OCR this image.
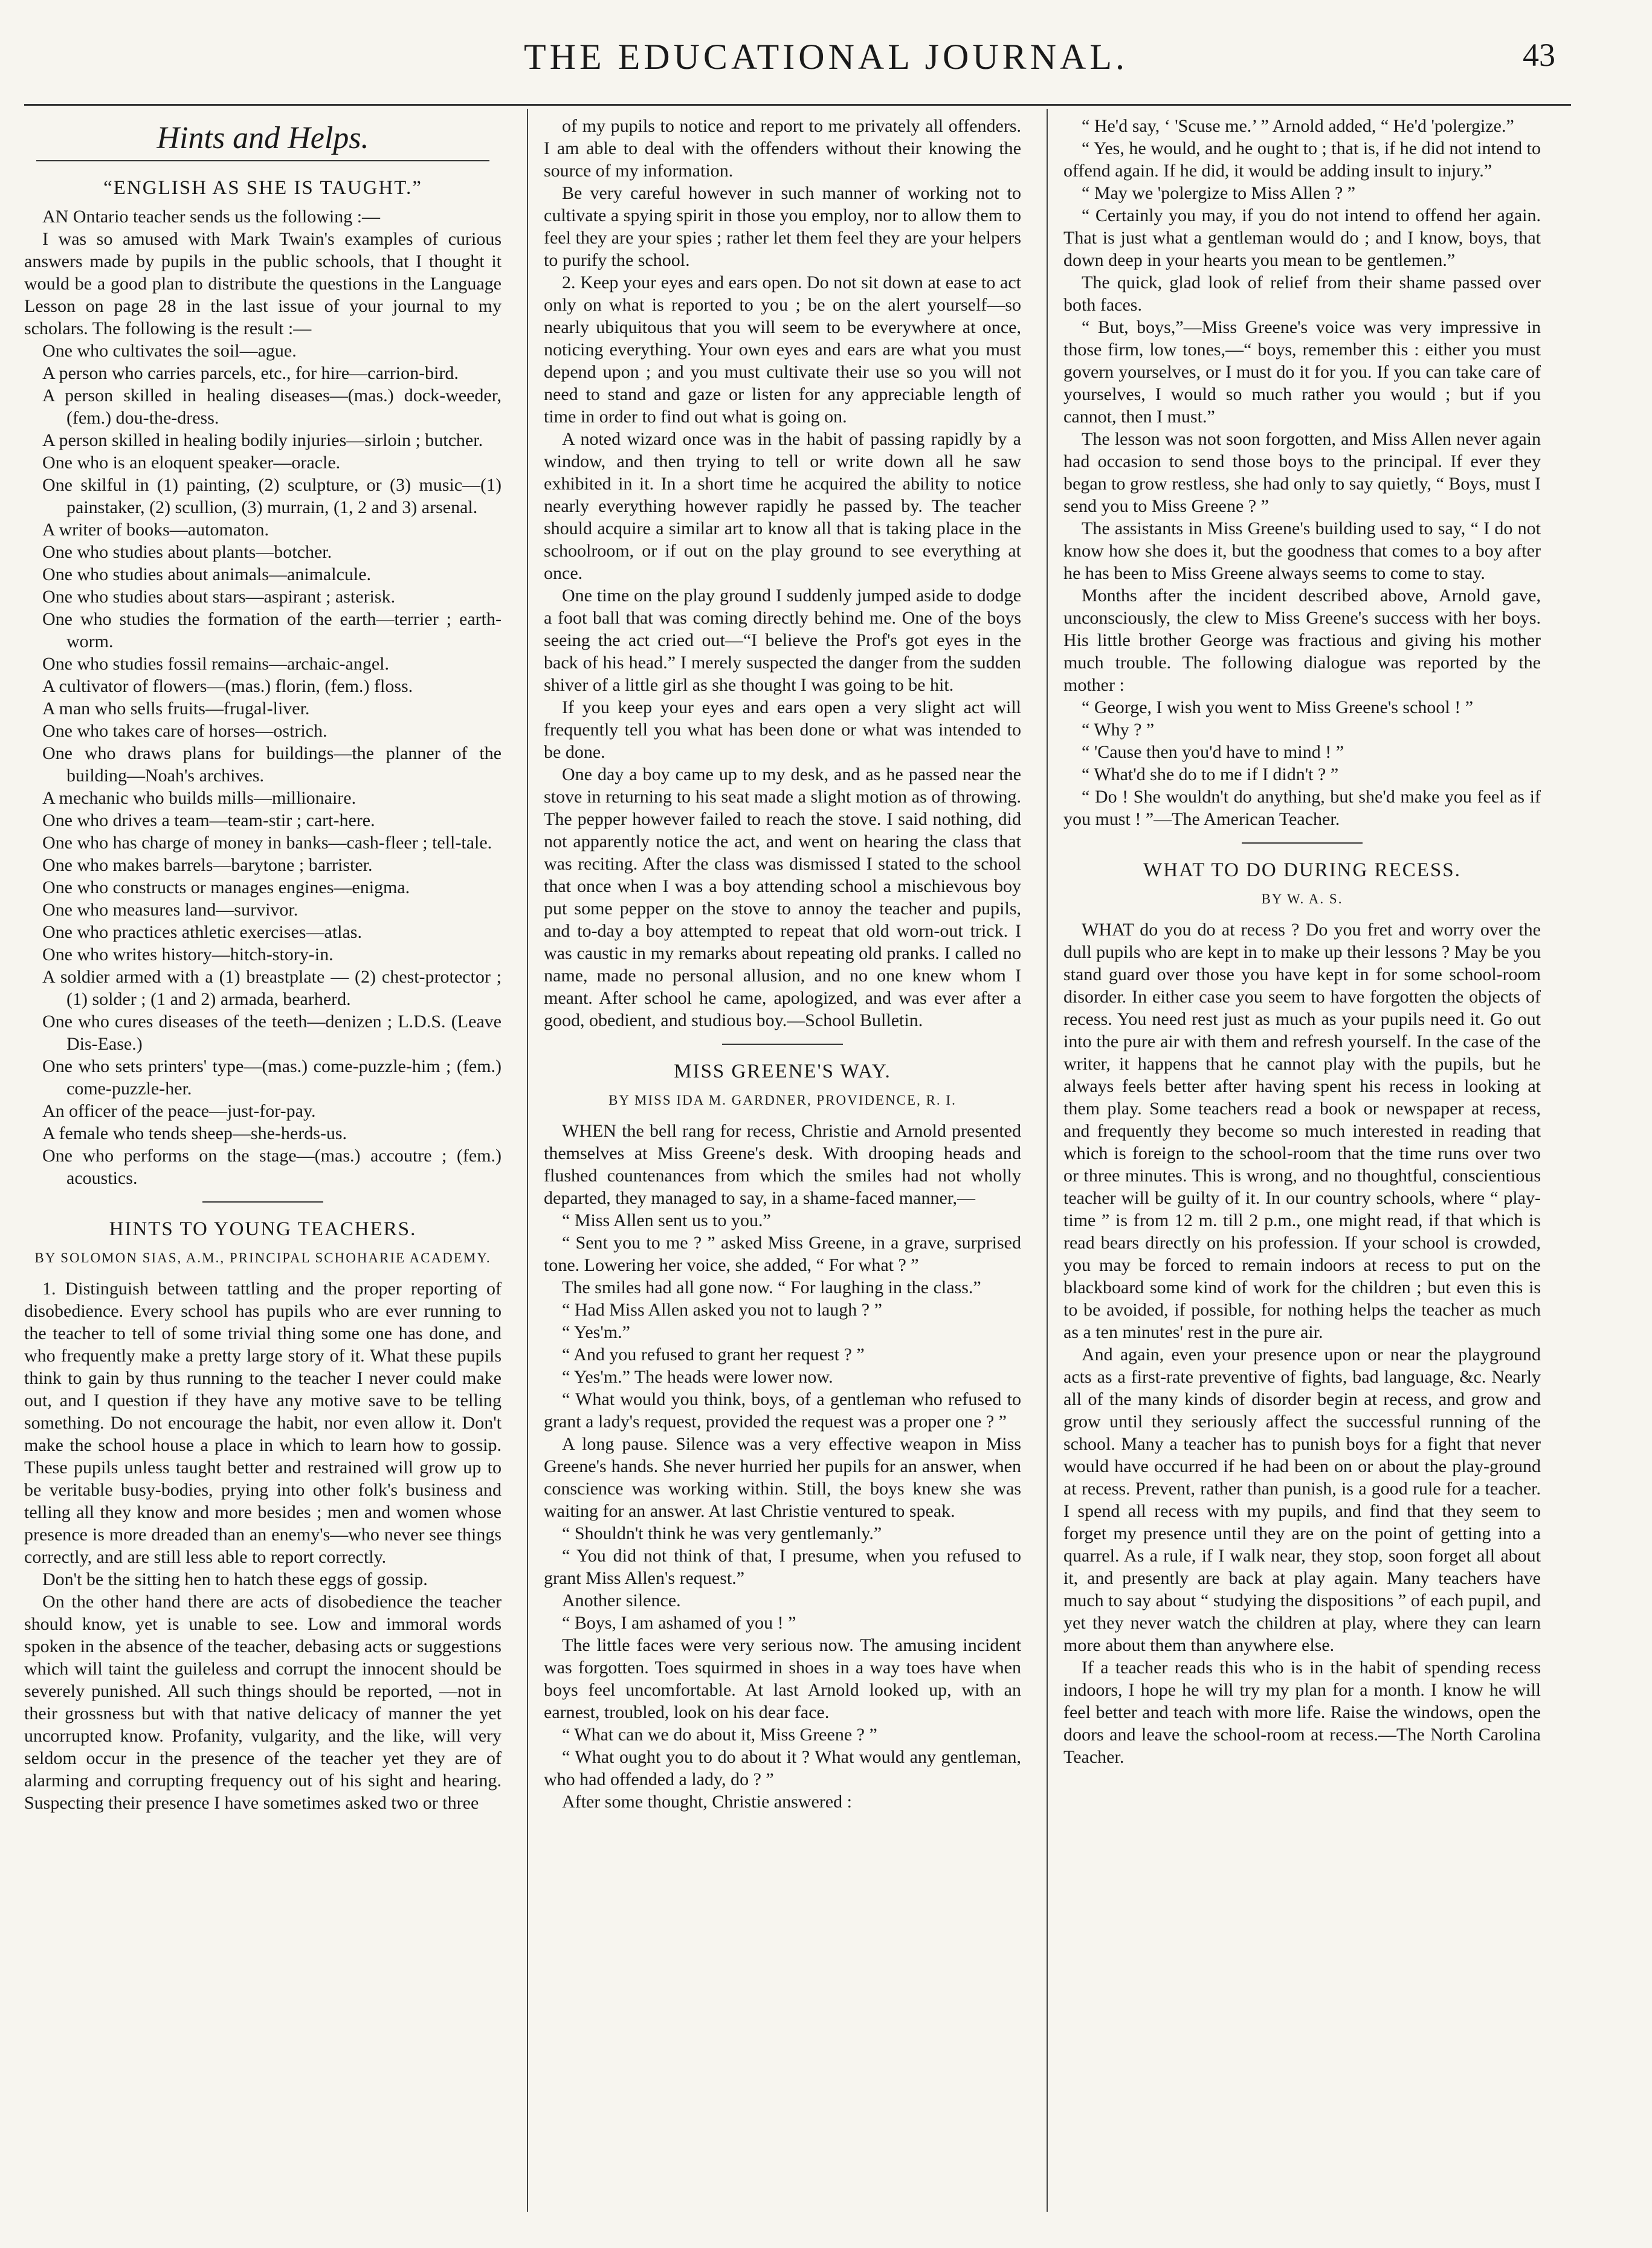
THE EDUCATIONAL JOURNAL.	43
Hints and Helps.
“ENGLISH AS SHE IS TAUGHT.”

AN Ontario teacher sends us the following :—

I was so amused with Mark Twain's examples of curious answers made by pupils in the public schools, that I thought it would be a good plan to distribute the questions in the Language Lesson on page 28 in the last issue of your journal to my scholars. The following is the result :—

One who cultivates the soil—ague.

A person who carries parcels, etc., for hire—carrion-bird.

A person skilled in healing diseases—(mas.) dock-weeder, (fem.) dou-the-dress.

A person skilled in healing bodily injuries—sirloin ; butcher.

One who is an eloquent speaker—oracle.

One skilful in (1) painting, (2) sculpture, or (3) music—(1) painstaker, (2) scullion, (3) murrain, (1, 2 and 3) arsenal.

A writer of books—automaton.

One who studies about plants—botcher.

One who studies about animals—animalcule.

One who studies about stars—aspirant ; asterisk.

One who studies the formation of the earth—terrier ; earth-worm.

One who studies fossil remains—archaic-angel.

A cultivator of flowers—(mas.) florin, (fem.) floss.

A man who sells fruits—frugal-liver.

One who takes care of horses—ostrich.

One who draws plans for buildings—the planner of the building—Noah's archives.

A mechanic who builds mills—millionaire.

One who drives a team—team-stir ; cart-here.

One who has charge of money in banks—cash-fleer ; tell-tale.

One who makes barrels—barytone ; barrister.

One who constructs or manages engines—enigma.

One who measures land—survivor.

One who practices athletic exercises—atlas.

One who writes history—hitch-story-in.

A soldier armed with a (1) breastplate — (2) chest-protector ; (1) solder ; (1 and 2) armada, bearherd.

One who cures diseases of the teeth—denizen ; L.D.S. (Leave Dis-Ease.)

One who sets printers' type—(mas.) come-puzzle-him ; (fem.) come-puzzle-her.

An officer of the peace—just-for-pay.

A female who tends sheep—she-herds-us.

One who performs on the stage—(mas.) accoutre ; (fem.) acoustics.

HINTS TO YOUNG TEACHERS.
BY SOLOMON SIAS, A.M., PRINCIPAL SCHOHARIE ACADEMY.

1. Distinguish between tattling and the proper reporting of disobedience. Every school has pupils who are ever running to the teacher to tell of some trivial thing some one has done, and who frequently make a pretty large story of it. What these pupils think to gain by thus running to the teacher I never could make out, and I question if they have any motive save to be telling something. Do not encourage the habit, nor even allow it. Don't make the school house a place in which to learn how to gossip. These pupils unless taught better and restrained will grow up to be veritable busy-bodies, prying into other folk's business and telling all they know and more besides ; men and women whose presence is more dreaded than an enemy's—who never see things correctly, and are still less able to report correctly.

Don't be the sitting hen to hatch these eggs of gossip.

On the other hand there are acts of disobedience the teacher should know, yet is unable to see. Low and immoral words spoken in the absence of the teacher, debasing acts or suggestions which will taint the guileless and corrupt the innocent should be severely punished. All such things should be reported, —not in their grossness but with that native delicacy of manner the yet uncorrupted know. Profanity, vulgarity, and the like, will very seldom occur in the presence of the teacher yet they are of alarming and corrupting frequency out of his sight and hearing. Suspecting their presence I have sometimes asked two or three

of my pupils to notice and report to me privately all offenders. I am able to deal with the offenders without their knowing the source of my information.

Be very careful however in such manner of working not to cultivate a spying spirit in those you employ, nor to allow them to feel they are your spies ; rather let them feel they are your helpers to purify the school.

2. Keep your eyes and ears open. Do not sit down at ease to act only on what is reported to you ; be on the alert yourself—so nearly ubiquitous that you will seem to be everywhere at once, noticing everything. Your own eyes and ears are what you must depend upon ; and you must cultivate their use so you will not need to stand and gaze or listen for any appreciable length of time in order to find out what is going on.

A noted wizard once was in the habit of passing rapidly by a window, and then trying to tell or write down all he saw exhibited in it. In a short time he acquired the ability to notice nearly everything however rapidly he passed by. The teacher should acquire a similar art to know all that is taking place in the schoolroom, or if out on the play ground to see everything at once.

One time on the play ground I suddenly jumped aside to dodge a foot ball that was coming directly behind me. One of the boys seeing the act cried out—“I believe the Prof's got eyes in the back of his head.” I merely suspected the danger from the sudden shiver of a little girl as she thought I was going to be hit.

If you keep your eyes and ears open a very slight act will frequently tell you what has been done or what was intended to be done.

One day a boy came up to my desk, and as he passed near the stove in returning to his seat made a slight motion as of throwing. The pepper however failed to reach the stove. I said nothing, did not apparently notice the act, and went on hearing the class that was reciting. After the class was dismissed I stated to the school that once when I was a boy attending school a mischievous boy put some pepper on the stove to annoy the teacher and pupils, and to-day a boy attempted to repeat that old worn-out trick. I was caustic in my remarks about repeating old pranks. I called no name, made no personal allusion, and no one knew whom I meant. After school he came, apologized, and was ever after a good, obedient, and studious boy.—School Bulletin.

MISS GREENE'S WAY.
BY MISS IDA M. GARDNER, PROVIDENCE, R. I.

WHEN the bell rang for recess, Christie and Arnold presented themselves at Miss Greene's desk. With drooping heads and flushed countenances from which the smiles had not wholly departed, they managed to say, in a shame-faced manner,—

“ Miss Allen sent us to you.”

“ Sent you to me ? ” asked Miss Greene, in a grave, surprised tone. Lowering her voice, she added, “ For what ? ”

The smiles had all gone now. “ For laughing in the class.”

“ Had Miss Allen asked you not to laugh ? ”

“ Yes'm.”

“ And you refused to grant her request ? ”

“ Yes'm.” The heads were lower now.

“ What would you think, boys, of a gentleman who refused to grant a lady's request, provided the request was a proper one ? ”

A long pause. Silence was a very effective weapon in Miss Greene's hands. She never hurried her pupils for an answer, when conscience was working within. Still, the boys knew she was waiting for an answer. At last Christie ventured to speak.

“ Shouldn't think he was very gentlemanly.”

“ You did not think of that, I presume, when you refused to grant Miss Allen's request.”

Another silence.

“ Boys, I am ashamed of you ! ”

The little faces were very serious now. The amusing incident was forgotten. Toes squirmed in shoes in a way toes have when boys feel uncomfortable. At last Arnold looked up, with an earnest, troubled, look on his dear face.

“ What can we do about it, Miss Greene ? ”

“ What ought you to do about it ? What would any gentleman, who had offended a lady, do ? ”

After some thought, Christie answered :

“ He'd say, ‘ 'Scuse me.’ ” Arnold added, “ He'd 'polergize.”

“ Yes, he would, and he ought to ; that is, if he did not intend to offend again. If he did, it would be adding insult to injury.”

“ May we 'polergize to Miss Allen ? ”

“ Certainly you may, if you do not intend to offend her again. That is just what a gentleman would do ; and I know, boys, that down deep in your hearts you mean to be gentlemen.”

The quick, glad look of relief from their shame passed over both faces.

“ But, boys,”—Miss Greene's voice was very impressive in those firm, low tones,—“ boys, remember this : either you must govern yourselves, or I must do it for you. If you can take care of yourselves, I would so much rather you would ; but if you cannot, then I must.”

The lesson was not soon forgotten, and Miss Allen never again had occasion to send those boys to the principal. If ever they began to grow restless, she had only to say quietly, “ Boys, must I send you to Miss Greene ? ”

The assistants in Miss Greene's building used to say, “ I do not know how she does it, but the goodness that comes to a boy after he has been to Miss Greene always seems to come to stay.

Months after the incident described above, Arnold gave, unconsciously, the clew to Miss Greene's success with her boys. His little brother George was fractious and giving his mother much trouble. The following dialogue was reported by the mother :

“ George, I wish you went to Miss Greene's school ! ”

“ Why ? ”

“ 'Cause then you'd have to mind ! ”

“ What'd she do to me if I didn't ? ”

“ Do ! She wouldn't do anything, but she'd make you feel as if you must ! ”—The American Teacher.

WHAT TO DO DURING RECESS.
BY W. A. S.

WHAT do you do at recess ? Do you fret and worry over the dull pupils who are kept in to make up their lessons ? May be you stand guard over those you have kept in for some school-room disorder. In either case you seem to have forgotten the objects of recess. You need rest just as much as your pupils need it. Go out into the pure air with them and refresh yourself. In the case of the writer, it happens that he cannot play with the pupils, but he always feels better after having spent his recess in looking at them play. Some teachers read a book or newspaper at recess, and frequently they become so much interested in reading that which is foreign to the school-room that the time runs over two or three minutes. This is wrong, and no thoughtful, conscientious teacher will be guilty of it. In our country schools, where “ play-time ” is from 12 m. till 2 p.m., one might read, if that which is read bears directly on his profession. If your school is crowded, you may be forced to remain indoors at recess to put on the blackboard some kind of work for the children ; but even this is to be avoided, if possible, for nothing helps the teacher as much as a ten minutes' rest in the pure air.

And again, even your presence upon or near the playground acts as a first-rate preventive of fights, bad language, &c. Nearly all of the many kinds of disorder begin at recess, and grow and grow until they seriously affect the successful running of the school. Many a teacher has to punish boys for a fight that never would have occurred if he had been on or about the play-ground at recess. Prevent, rather than punish, is a good rule for a teacher. I spend all recess with my pupils, and find that they seem to forget my presence until they are on the point of getting into a quarrel. As a rule, if I walk near, they stop, soon forget all about it, and presently are back at play again. Many teachers have much to say about “ studying the dispositions ” of each pupil, and yet they never watch the children at play, where they can learn more about them than anywhere else.

If a teacher reads this who is in the habit of spending recess indoors, I hope he will try my plan for a month. I know he will feel better and teach with more life. Raise the windows, open the doors and leave the school-room at recess.—The North Carolina Teacher.
